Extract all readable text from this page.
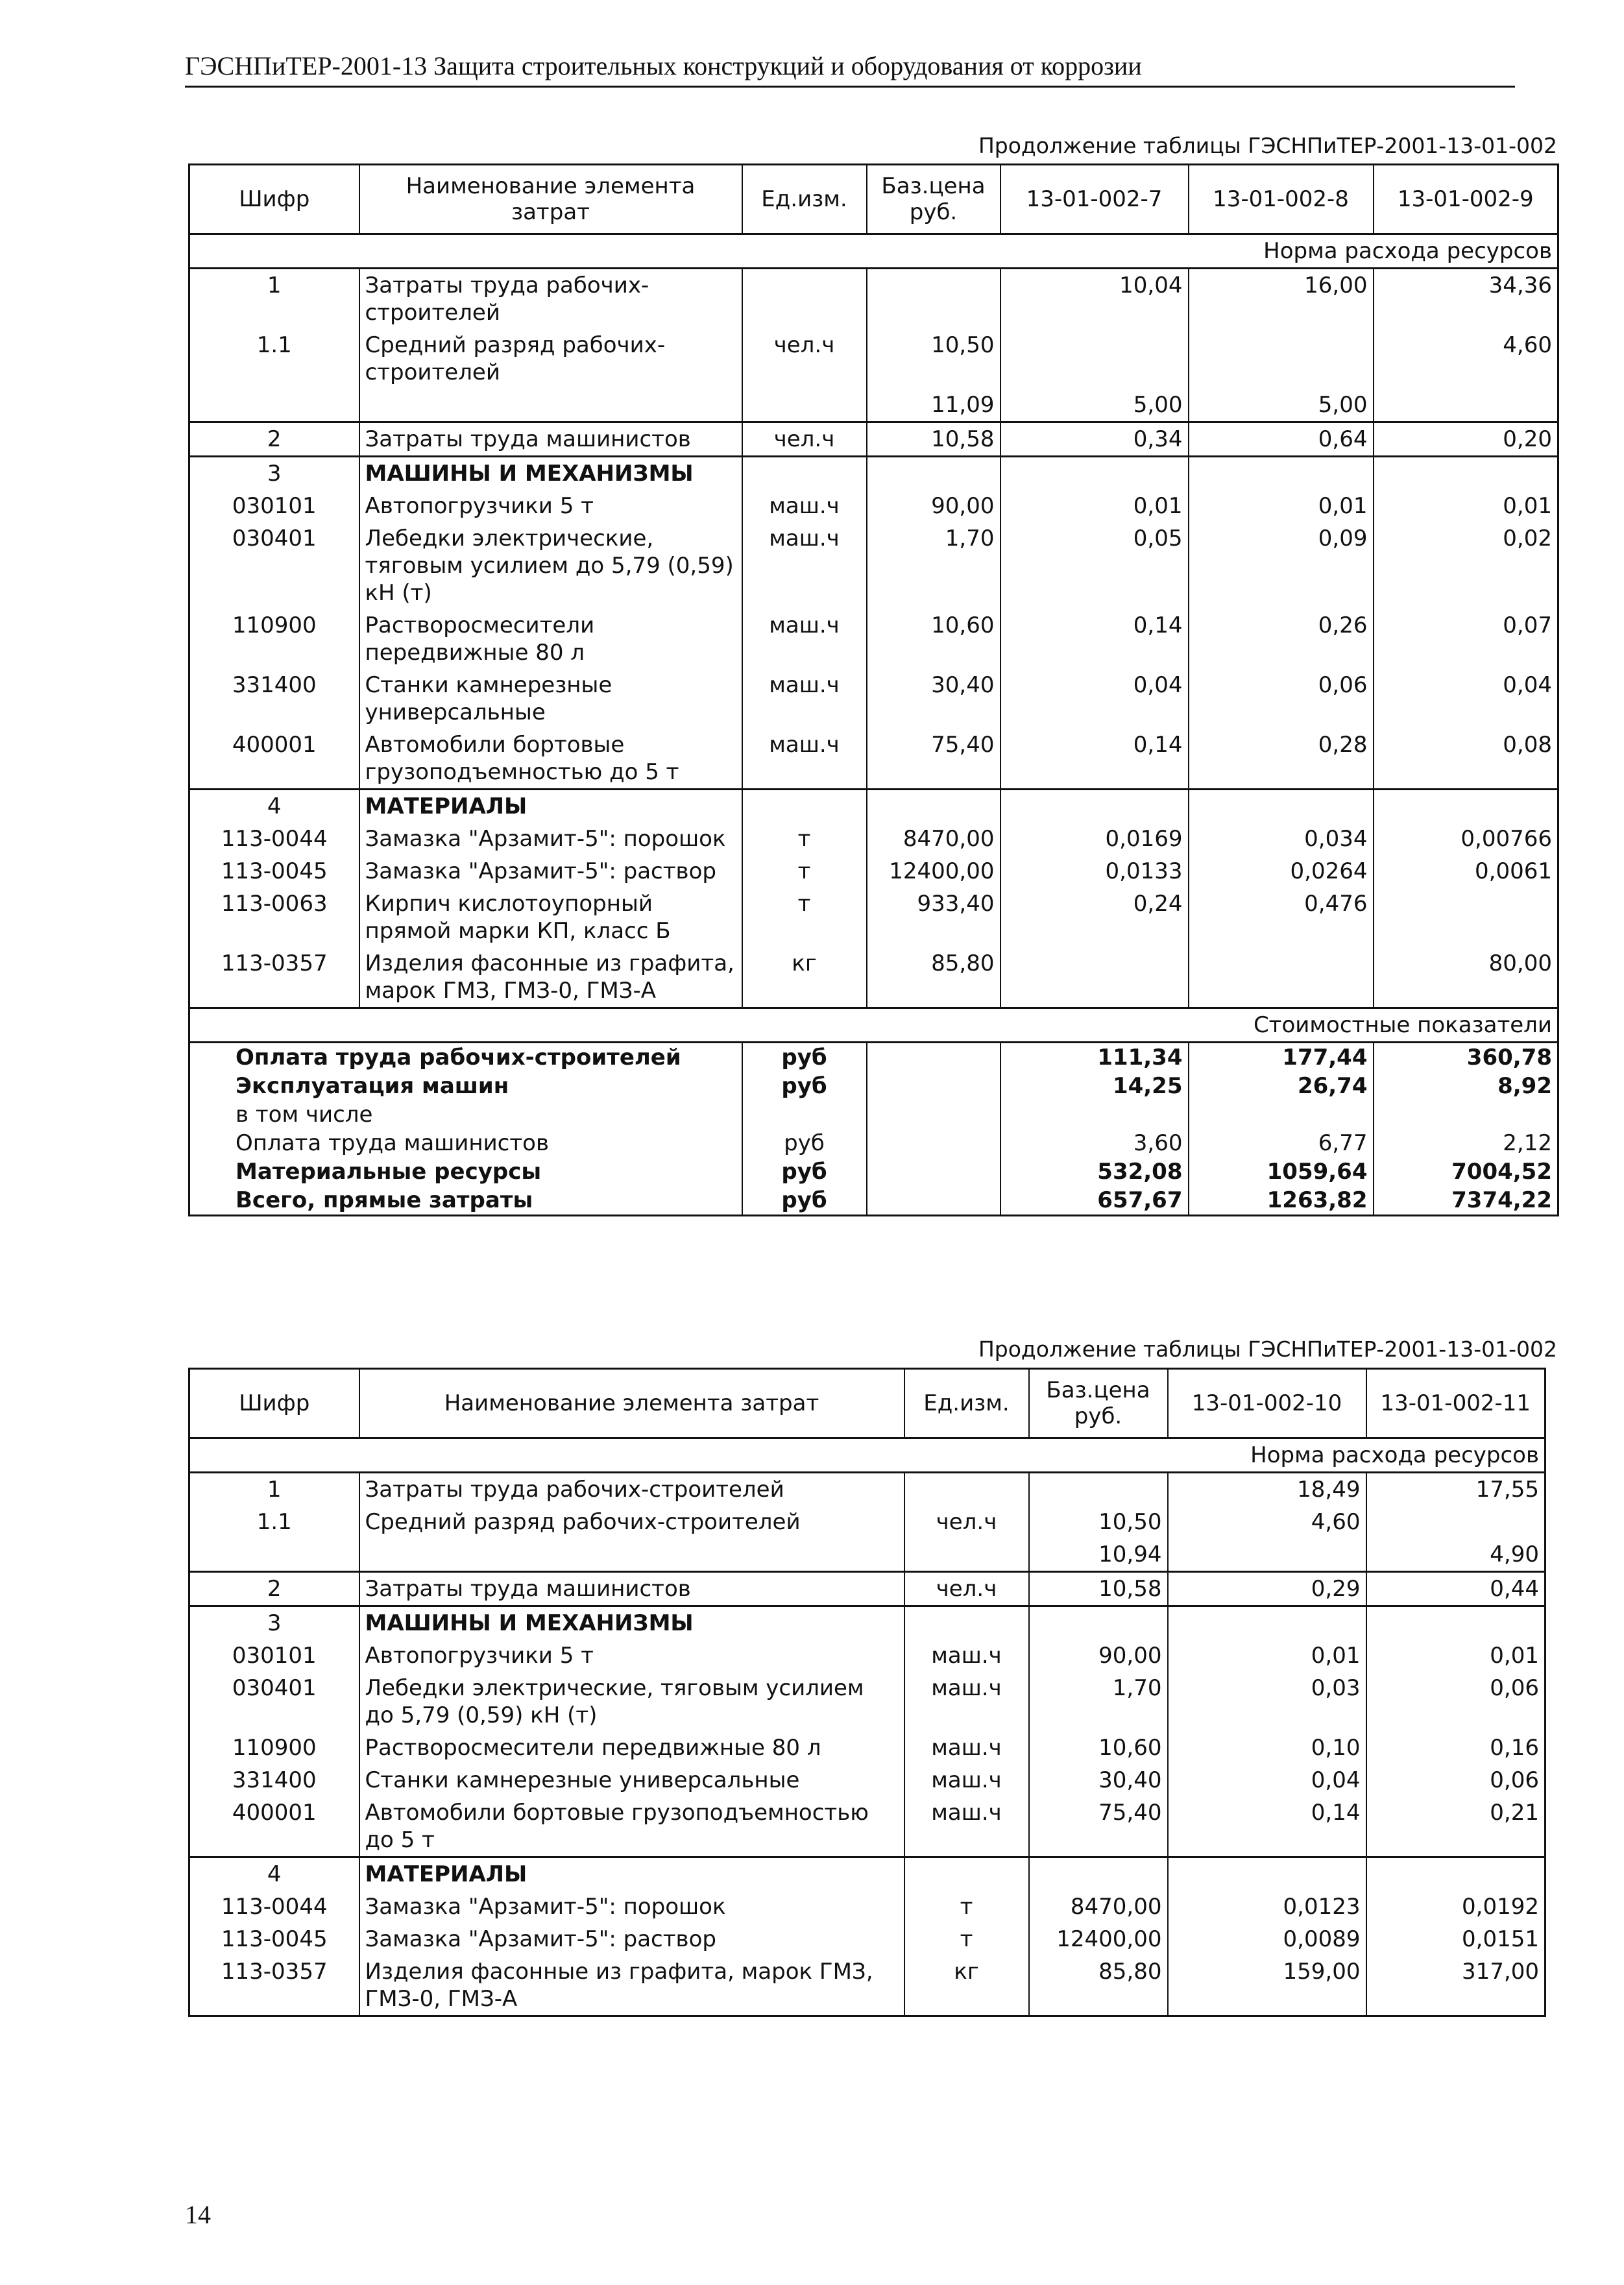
ГЭСНПиТЕР-2001-13 Защита строительных конструкций и оборудования от коррозии
Продолжение таблицы ГЭСНПиТЕР-2001-13-01-002
Шифр	Наименование элемента затрат	Ед.изм.	Баз.цена руб.	13-01-002-7	13-01-002-8	13-01-002-9
					Норма расхода ресурсов	
1	Затраты труда рабочих-строителей			10,04	16,00	34,36
1.1	Средний разряд рабочих-строителей	чел.ч	10,50			4,60
			11,09	5,00	5,00	
2	Затраты труда машинистов	чел.ч	10,58	0,34	0,64	0,20
3	МАШИНЫ И МЕХАНИЗМЫ					
030101	Автопогрузчики 5 т	маш.ч	90,00	0,01	0,01	0,01
030401	Лебедки электрические, тяговым усилием до 5,79 (0,59) кН (т)	маш.ч	1,70	0,05	0,09	0,02
110900	Растворосмесители передвижные 80 л	маш.ч	10,60	0,14	0,26	0,07
331400	Станки камнерезные универсальные	маш.ч	30,40	0,04	0,06	0,04
400001	Автомобили бортовые грузоподъемностью до 5 т	маш.ч	75,40	0,14	0,28	0,08
4	МАТЕРИАЛЫ					
113-0044	Замазка "Арзамит-5": порошок	т	8470,00	0,0169	0,034	0,00766
113-0045	Замазка "Арзамит-5": раствор	т	12400,00	0,0133	0,0264	0,0061
113-0063	Кирпич кислотоупорный прямой марки КП, класс Б	т	933,40	0,24	0,476	
113-0357	Изделия фасонные из графита, марок ГМЗ, ГМЗ-0, ГМЗ-А	кг	85,80			80,00
					Стоимостные показатели	
Оплата труда рабочих-строителей		руб		111,34	177,44	360,78
Эксплуатация машин		руб		14,25	26,74	8,92
в том числе						
Оплата труда машинистов		руб		3,60	6,77	2,12
Материальные ресурсы		руб		532,08	1059,64	7004,52
Всего, прямые затраты		руб		657,67	1263,82	7374,22
Продолжение таблицы ГЭСНПиТЕР-2001-13-01-002
Шифр	Наименование элемента затрат	Ед.изм.	Баз.цена руб.	13-01-002-10	13-01-002-11
				Норма расхода ресурсов	
1	Затраты труда рабочих-строителей			18,49	17,55
1.1	Средний разряд рабочих-строителей	чел.ч	10,50	4,60	
			10,94		4,90
2	Затраты труда машинистов	чел.ч	10,58	0,29	0,44
3	МАШИНЫ И МЕХАНИЗМЫ				
030101	Автопогрузчики 5 т	маш.ч	90,00	0,01	0,01
030401	Лебедки электрические, тяговым усилием до 5,79 (0,59) кН (т)	маш.ч	1,70	0,03	0,06
110900	Растворосмесители передвижные 80 л	маш.ч	10,60	0,10	0,16
331400	Станки камнерезные универсальные	маш.ч	30,40	0,04	0,06
400001	Автомобили бортовые грузоподъемностью до 5 т	маш.ч	75,40	0,14	0,21
4	МАТЕРИАЛЫ				
113-0044	Замазка "Арзамит-5": порошок	т	8470,00	0,0123	0,0192
113-0045	Замазка "Арзамит-5": раствор	т	12400,00	0,0089	0,0151
113-0357	Изделия фасонные из графита, марок ГМЗ, ГМЗ-0, ГМЗ-А	кг	85,80	159,00	317,00
14
